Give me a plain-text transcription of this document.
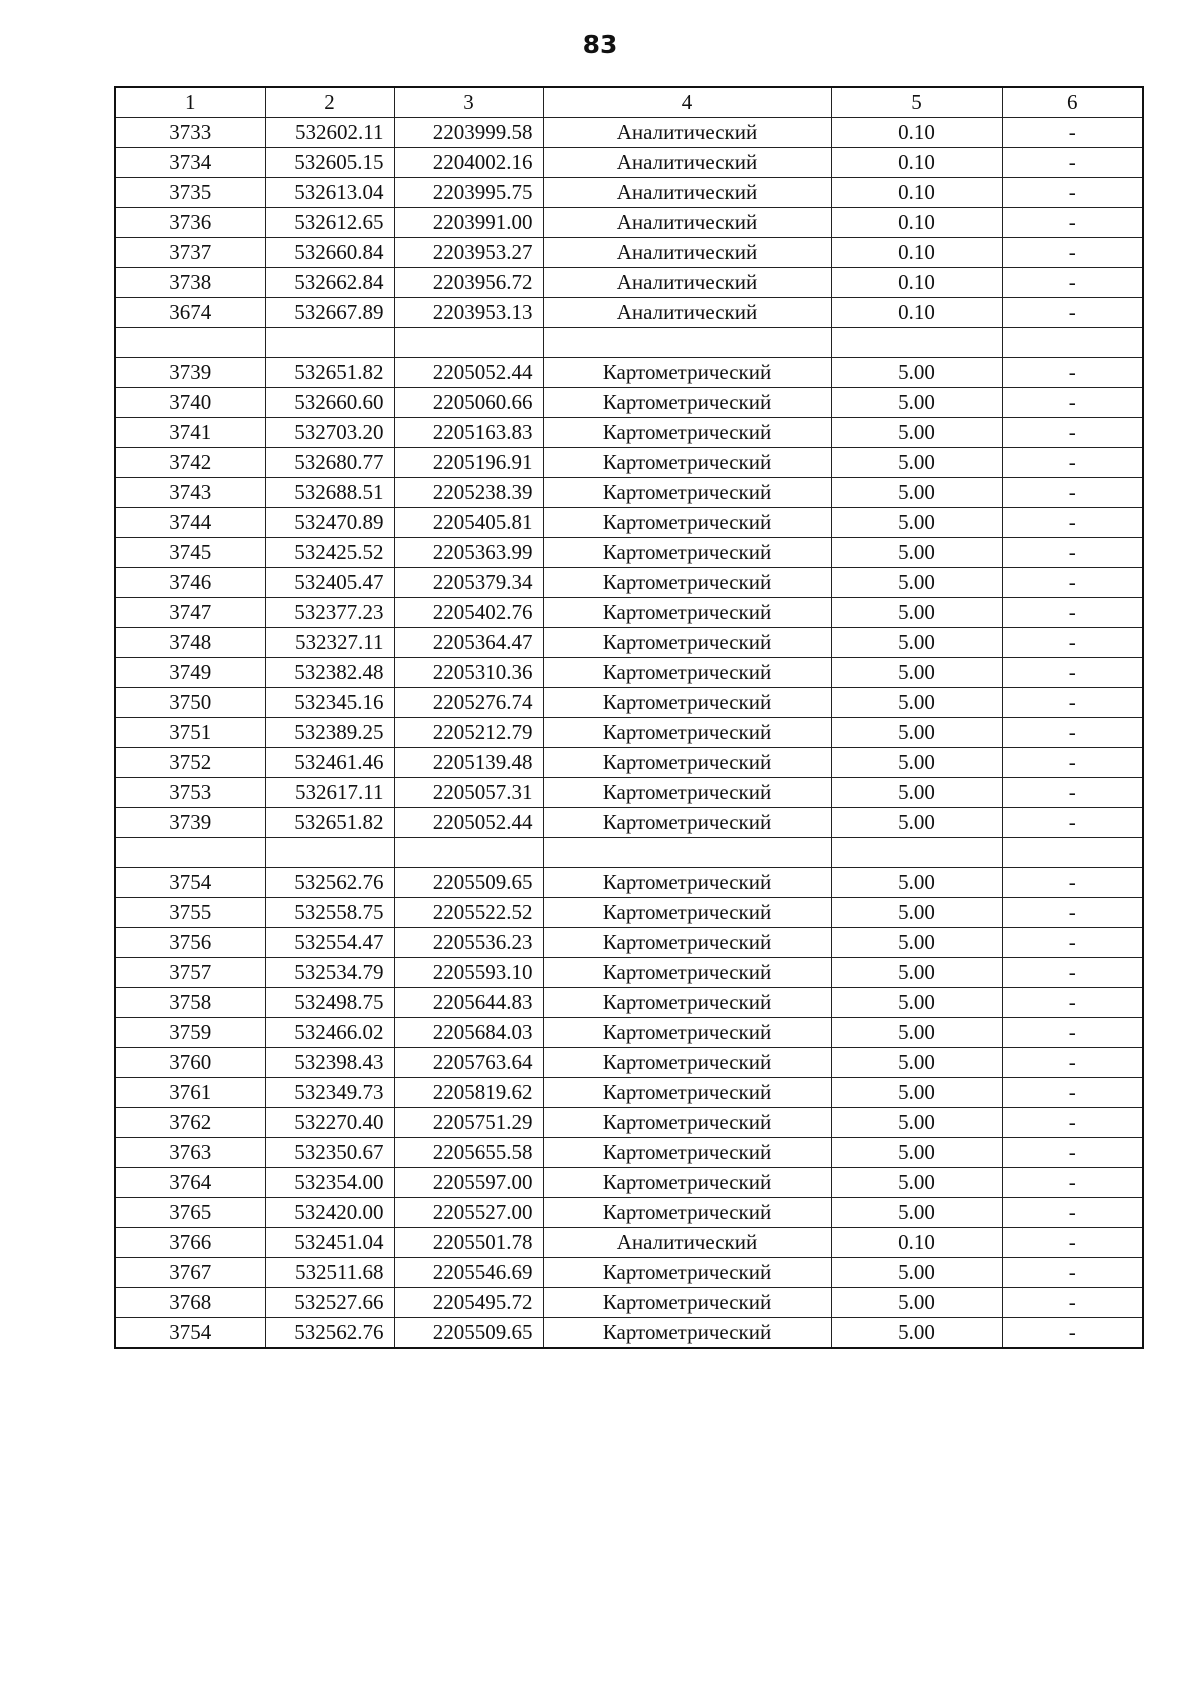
83
1	2	3	4	5	6
3733	532602.11	2203999.58	Аналитический	0.10	-
3734	532605.15	2204002.16	Аналитический	0.10	-
3735	532613.04	2203995.75	Аналитический	0.10	-
3736	532612.65	2203991.00	Аналитический	0.10	-
3737	532660.84	2203953.27	Аналитический	0.10	-
3738	532662.84	2203956.72	Аналитический	0.10	-
3674	532667.89	2203953.13	Аналитический	0.10	-

3739	532651.82	2205052.44	Картометрический	5.00	-
3740	532660.60	2205060.66	Картометрический	5.00	-
3741	532703.20	2205163.83	Картометрический	5.00	-
3742	532680.77	2205196.91	Картометрический	5.00	-
3743	532688.51	2205238.39	Картометрический	5.00	-
3744	532470.89	2205405.81	Картометрический	5.00	-
3745	532425.52	2205363.99	Картометрический	5.00	-
3746	532405.47	2205379.34	Картометрический	5.00	-
3747	532377.23	2205402.76	Картометрический	5.00	-
3748	532327.11	2205364.47	Картометрический	5.00	-
3749	532382.48	2205310.36	Картометрический	5.00	-
3750	532345.16	2205276.74	Картометрический	5.00	-
3751	532389.25	2205212.79	Картометрический	5.00	-
3752	532461.46	2205139.48	Картометрический	5.00	-
3753	532617.11	2205057.31	Картометрический	5.00	-
3739	532651.82	2205052.44	Картометрический	5.00	-

3754	532562.76	2205509.65	Картометрический	5.00	-
3755	532558.75	2205522.52	Картометрический	5.00	-
3756	532554.47	2205536.23	Картометрический	5.00	-
3757	532534.79	2205593.10	Картометрический	5.00	-
3758	532498.75	2205644.83	Картометрический	5.00	-
3759	532466.02	2205684.03	Картометрический	5.00	-
3760	532398.43	2205763.64	Картометрический	5.00	-
3761	532349.73	2205819.62	Картометрический	5.00	-
3762	532270.40	2205751.29	Картометрический	5.00	-
3763	532350.67	2205655.58	Картометрический	5.00	-
3764	532354.00	2205597.00	Картометрический	5.00	-
3765	532420.00	2205527.00	Картометрический	5.00	-
3766	532451.04	2205501.78	Аналитический	0.10	-
3767	532511.68	2205546.69	Картометрический	5.00	-
3768	532527.66	2205495.72	Картометрический	5.00	-
3754	532562.76	2205509.65	Картометрический	5.00	-
